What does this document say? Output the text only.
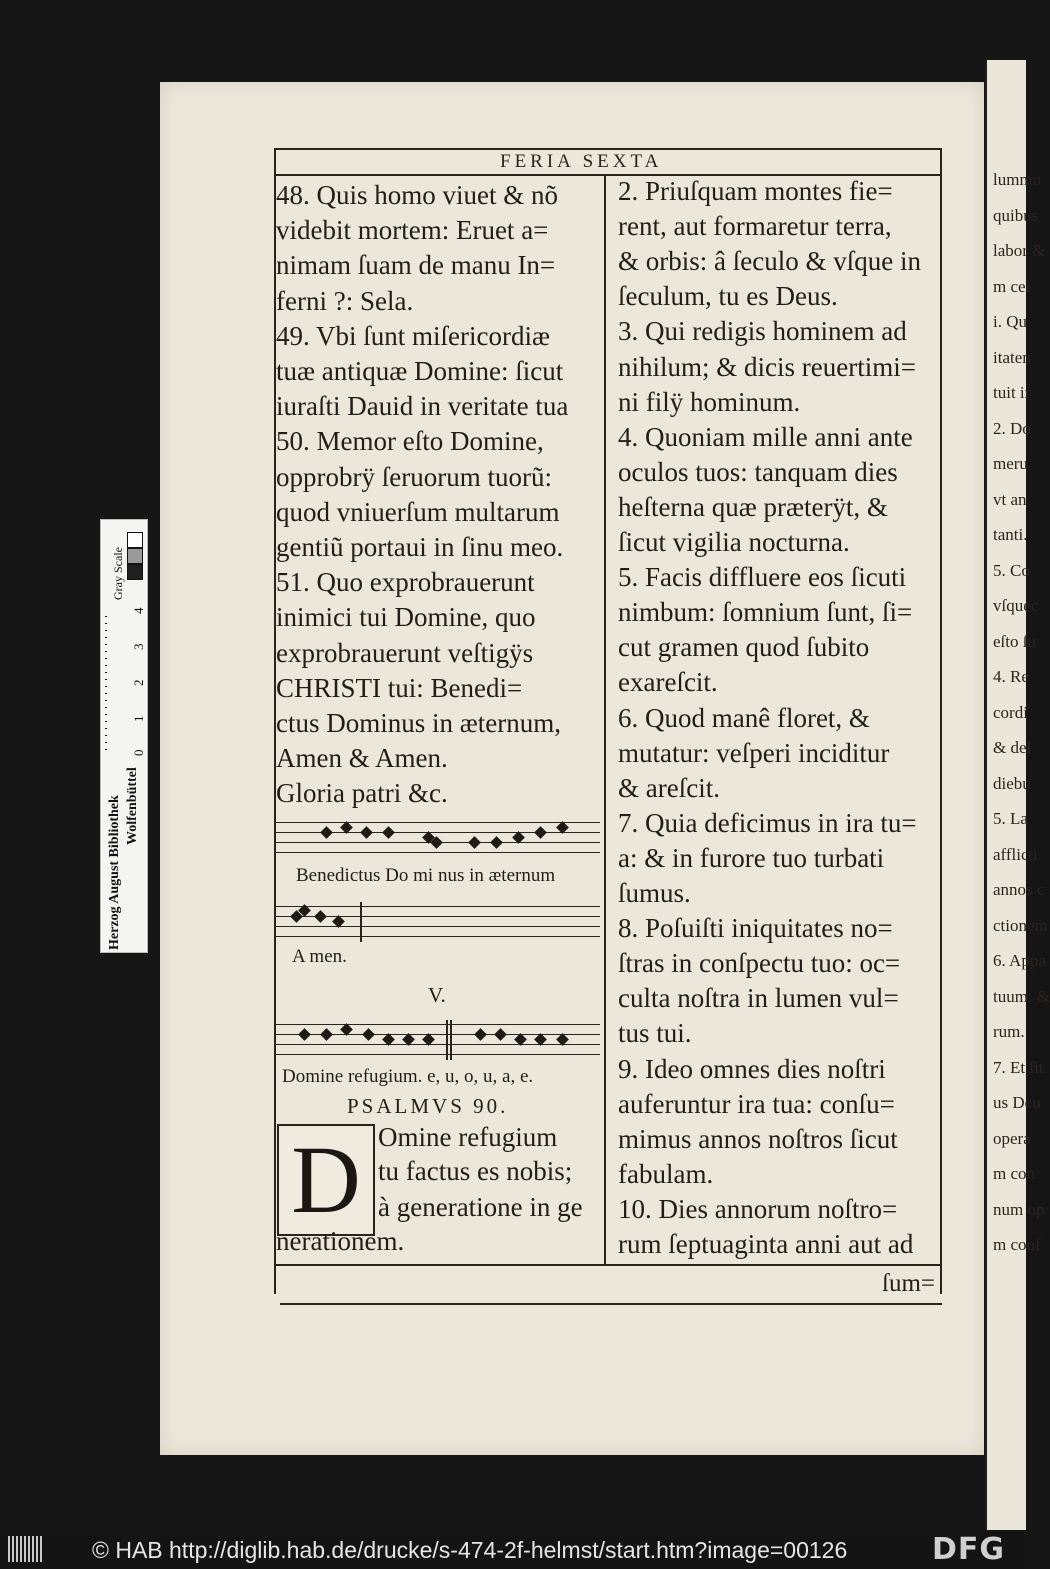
lummu
quibus
labor &
m cel
i. Qu
itaten
tuit ir
2. Do
meru
vt an
tanti.
5. Co
vſquec
eſto ſu
4. Re
cordi
& del
diebu
5. La
afflicti
annos c
ctionem
6. Appa
tuum: &
rum.
7. Et ſit
us Deu
opera
m con
num op
m conf
Herzog August Bibliothek Wolfenbüttel
Gray Scale
0
1
2
3
4
FERIA SEXTA
ſum=
48. Quis homo viuet & nõ
videbit mortem: Eruet a=
nimam ſuam de manu In=
ferni ?: Sela.
49. Vbi ſunt miſericordiæ
tuæ antiquæ Domine: ſicut
iuraſti Dauid in veritate tua
50. Memor eſto Domine,
opprobrÿ ſeruorum tuorũ:
quod vniuerſum multarum
gentiũ portaui in ſinu meo.
51. Quo exprobrauerunt
inimici tui Domine, quo
exprobrauerunt veſtigÿs
CHRISTI tui: Benedi=
ctus Dominus in æternum,
Amen & Amen.
Gloria patri &c.
2. Priuſquam montes fie=
rent, aut formaretur terra,
& orbis: â ſeculo & vſque in
ſeculum, tu es Deus.
3. Qui redigis hominem ad
nihilum; & dicis reuertimi=
ni filÿ hominum.
4. Quoniam mille anni ante
oculos tuos: tanquam dies
heſterna quæ præterÿt, &
ſicut vigilia nocturna.
5. Facis diffluere eos ſicuti
nimbum: ſomnium ſunt, ſi=
cut gramen quod ſubito
exareſcit.
6. Quod manê floret, &
mutatur: veſperi inciditur
& areſcit.
7. Quia deficimus in ira tu=
a: & in furore tuo turbati
ſumus.
8. Poſuiſti iniquitates no=
ſtras in conſpectu tuo: oc=
culta noſtra in lumen vul=
tus tui.
9. Ideo omnes dies noſtri
auferuntur ira tua: conſu=
mimus annos noſtros ſicut
fabulam.
10. Dies annorum noſtro=
rum ſeptuaginta anni aut ad
Benedictus Do mi nus in æternum
A men.
V.
Domine refugium. e, u, o, u, a, e.
PSALMVS 90.
D Omine refugium
tu factus es nobis;
à generatione in ge
nerationem.
© HAB http://diglib.hab.de/drucke/s-474-2f-helmst/start.htm?image=00126	DFG
